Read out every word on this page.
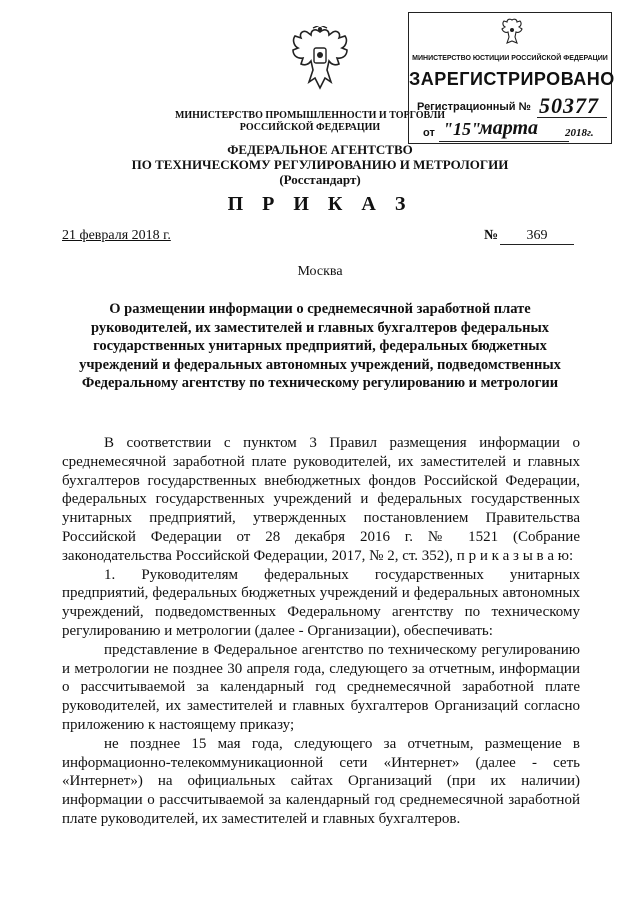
МИНИСТЕРСТВО ПРОМЫШЛЕННОСТИ И ТОРГОВЛИ
РОССИЙСКОЙ ФЕДЕРАЦИИ
ФЕДЕРАЛЬНОЕ АГЕНТСТВО
ПО ТЕХНИЧЕСКОМУ РЕГУЛИРОВАНИЮ И МЕТРОЛОГИИ
(Росстандарт)
П Р И К А З
МИНИСТЕРСТВО ЮСТИЦИИ РОССИЙСКОЙ ФЕДЕРАЦИИ
ЗАРЕГИСТРИРОВАНО
Регистрационный № 50377
от "15"
марта 2018г.
21 февраля 2018 г.	№	369
Москва
О размещении информации о среднемесячной заработной плате руководителей, их заместителей и главных бухгалтеров федеральных государственных унитарных предприятий, федеральных бюджетных учреждений и федеральных автономных учреждений, подведомственных Федеральному агентству по техническому регулированию и метрологии

В соответствии с пунктом 3 Правил размещения информации о среднемесячной заработной плате руководителей, их заместителей и главных бухгалтеров государственных внебюджетных фондов Российской Федерации, федеральных государственных учреждений и федеральных государственных унитарных предприятий, утвержденных постановлением Правительства Российской Федерации от 28 декабря 2016 г. № 1521 (Собрание законодательства Российской Федерации, 2017, № 2, ст. 352), п р и к а з ы в а ю:

1. Руководителям федеральных государственных унитарных предприятий, федеральных бюджетных учреждений и федеральных автономных учреждений, подведомственных Федеральному агентству по техническому регулированию и метрологии (далее - Организации), обеспечивать:

представление в Федеральное агентство по техническому регулированию и метрологии не позднее 30 апреля года, следующего за отчетным, информации о рассчитываемой за календарный год среднемесячной заработной плате руководителей, их заместителей и главных бухгалтеров Организаций согласно приложению к настоящему приказу;

не позднее 15 мая года, следующего за отчетным, размещение в информационно-телекоммуникационной сети «Интернет» (далее - сеть «Интернет») на официальных сайтах Организаций (при их наличии) информации о рассчитываемой за календарный год среднемесячной заработной плате руководителей, их заместителей и главных бухгалтеров.
